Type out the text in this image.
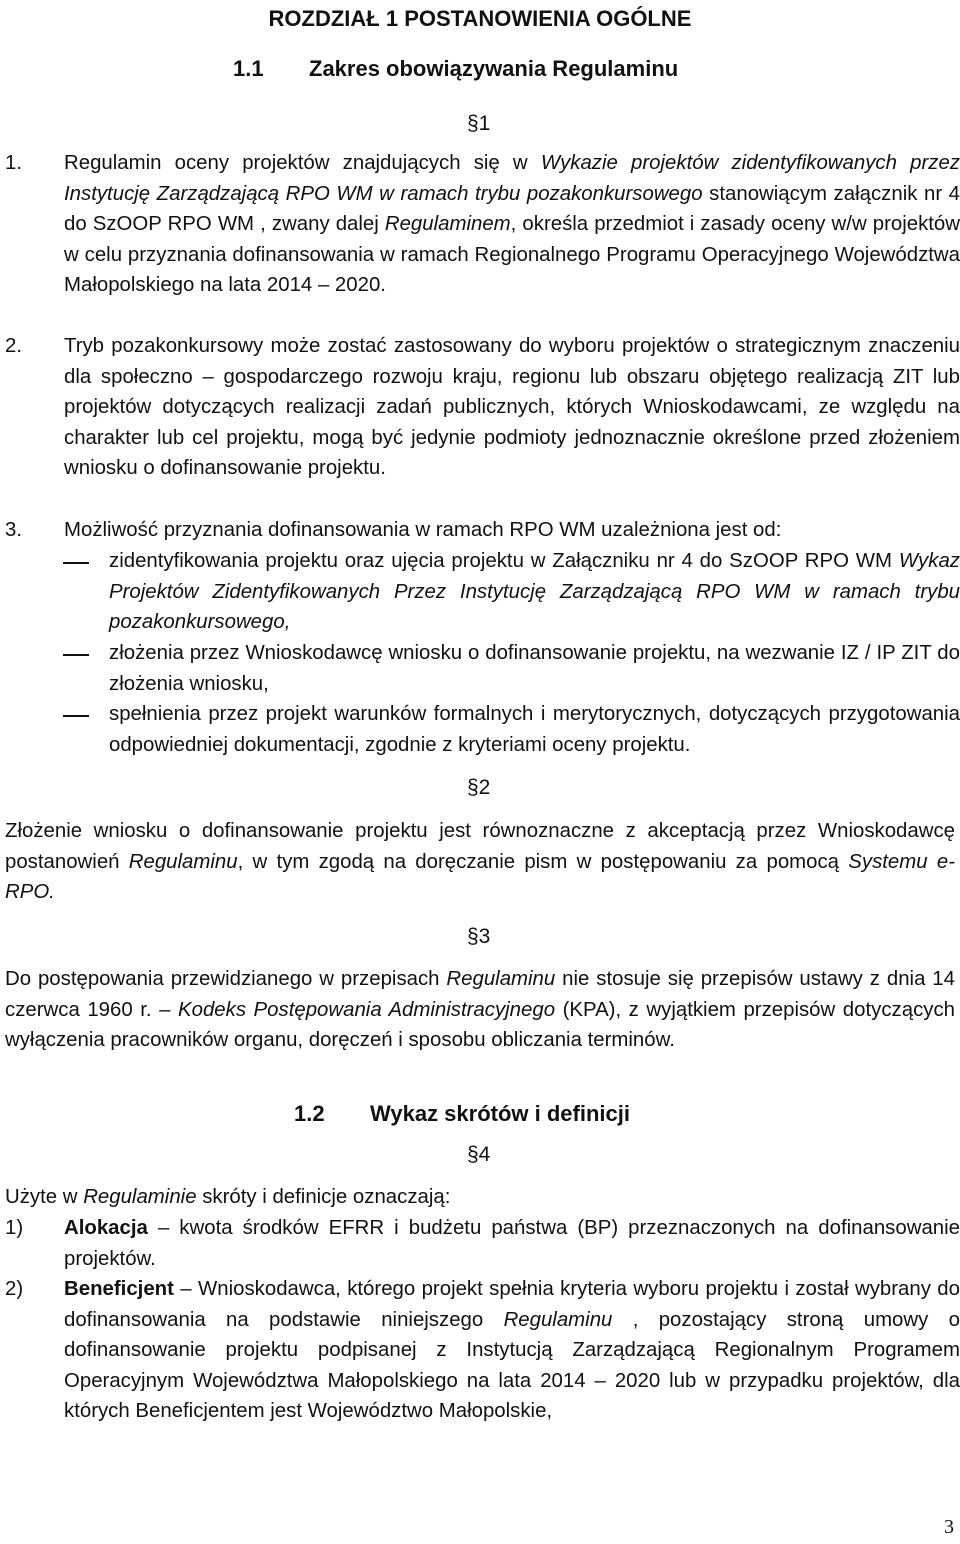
ROZDZIAŁ 1 POSTANOWIENIA OGÓLNE
1.1 Zakres obowiązywania Regulaminu
§1
1. Regulamin oceny projektów znajdujących się w Wykazie projektów zidentyfikowanych przez Instytucję Zarządzającą RPO WM w ramach trybu pozakonkursowego stanowiącym załącznik nr 4 do SzOOP RPO WM , zwany dalej Regulaminem, określa przedmiot i zasady oceny w/w projektów w celu przyznania dofinansowania w ramach Regionalnego Programu Operacyjnego Województwa Małopolskiego na lata 2014 – 2020.
2. Tryb pozakonkursowy może zostać zastosowany do wyboru projektów o strategicznym znaczeniu dla społeczno – gospodarczego rozwoju kraju, regionu lub obszaru objętego realizacją ZIT lub projektów dotyczących realizacji zadań publicznych, których Wnioskodawcami, ze względu na charakter lub cel projektu, mogą być jedynie podmioty jednoznacznie określone przed złożeniem wniosku o dofinansowanie projektu.
3. Możliwość przyznania dofinansowania w ramach RPO WM uzależniona jest od:
zidentyfikowania projektu oraz ujęcia projektu w Załączniku nr 4 do SzOOP RPO WM Wykaz Projektów Zidentyfikowanych Przez Instytucję Zarządzającą RPO WM w ramach trybu pozakonkursowego,
złożenia przez Wnioskodawcę wniosku o dofinansowanie projektu, na wezwanie IZ / IP ZIT do złożenia wniosku,
spełnienia przez projekt warunków formalnych i merytorycznych, dotyczących przygotowania odpowiedniej dokumentacji, zgodnie z kryteriami oceny projektu.
§2
Złożenie wniosku o dofinansowanie projektu jest równoznaczne z akceptacją przez Wnioskodawcę postanowień Regulaminu, w tym zgodą na doręczanie pism w postępowaniu za pomocą Systemu e-RPO.
§3
Do postępowania przewidzianego w przepisach Regulaminu nie stosuje się przepisów ustawy z dnia 14 czerwca 1960 r. – Kodeks Postępowania Administracyjnego (KPA), z wyjątkiem przepisów dotyczących wyłączenia pracowników organu, doręczeń i sposobu obliczania terminów.
1.2 Wykaz skrótów i definicji
§4
Użyte w Regulaminie skróty i definicje oznaczają:
1) Alokacja – kwota środków EFRR i budżetu państwa (BP) przeznaczonych na dofinansowanie projektów.
2) Beneficjent – Wnioskodawca, którego projekt spełnia kryteria wyboru projektu i został wybrany do dofinansowania na podstawie niniejszego Regulaminu , pozostający stroną umowy o dofinansowanie projektu podpisanej z Instytucją Zarządzającą Regionalnym Programem Operacyjnym Województwa Małopolskiego na lata 2014 – 2020 lub w przypadku projektów, dla których Beneficjentem jest Województwo Małopolskie,
3
